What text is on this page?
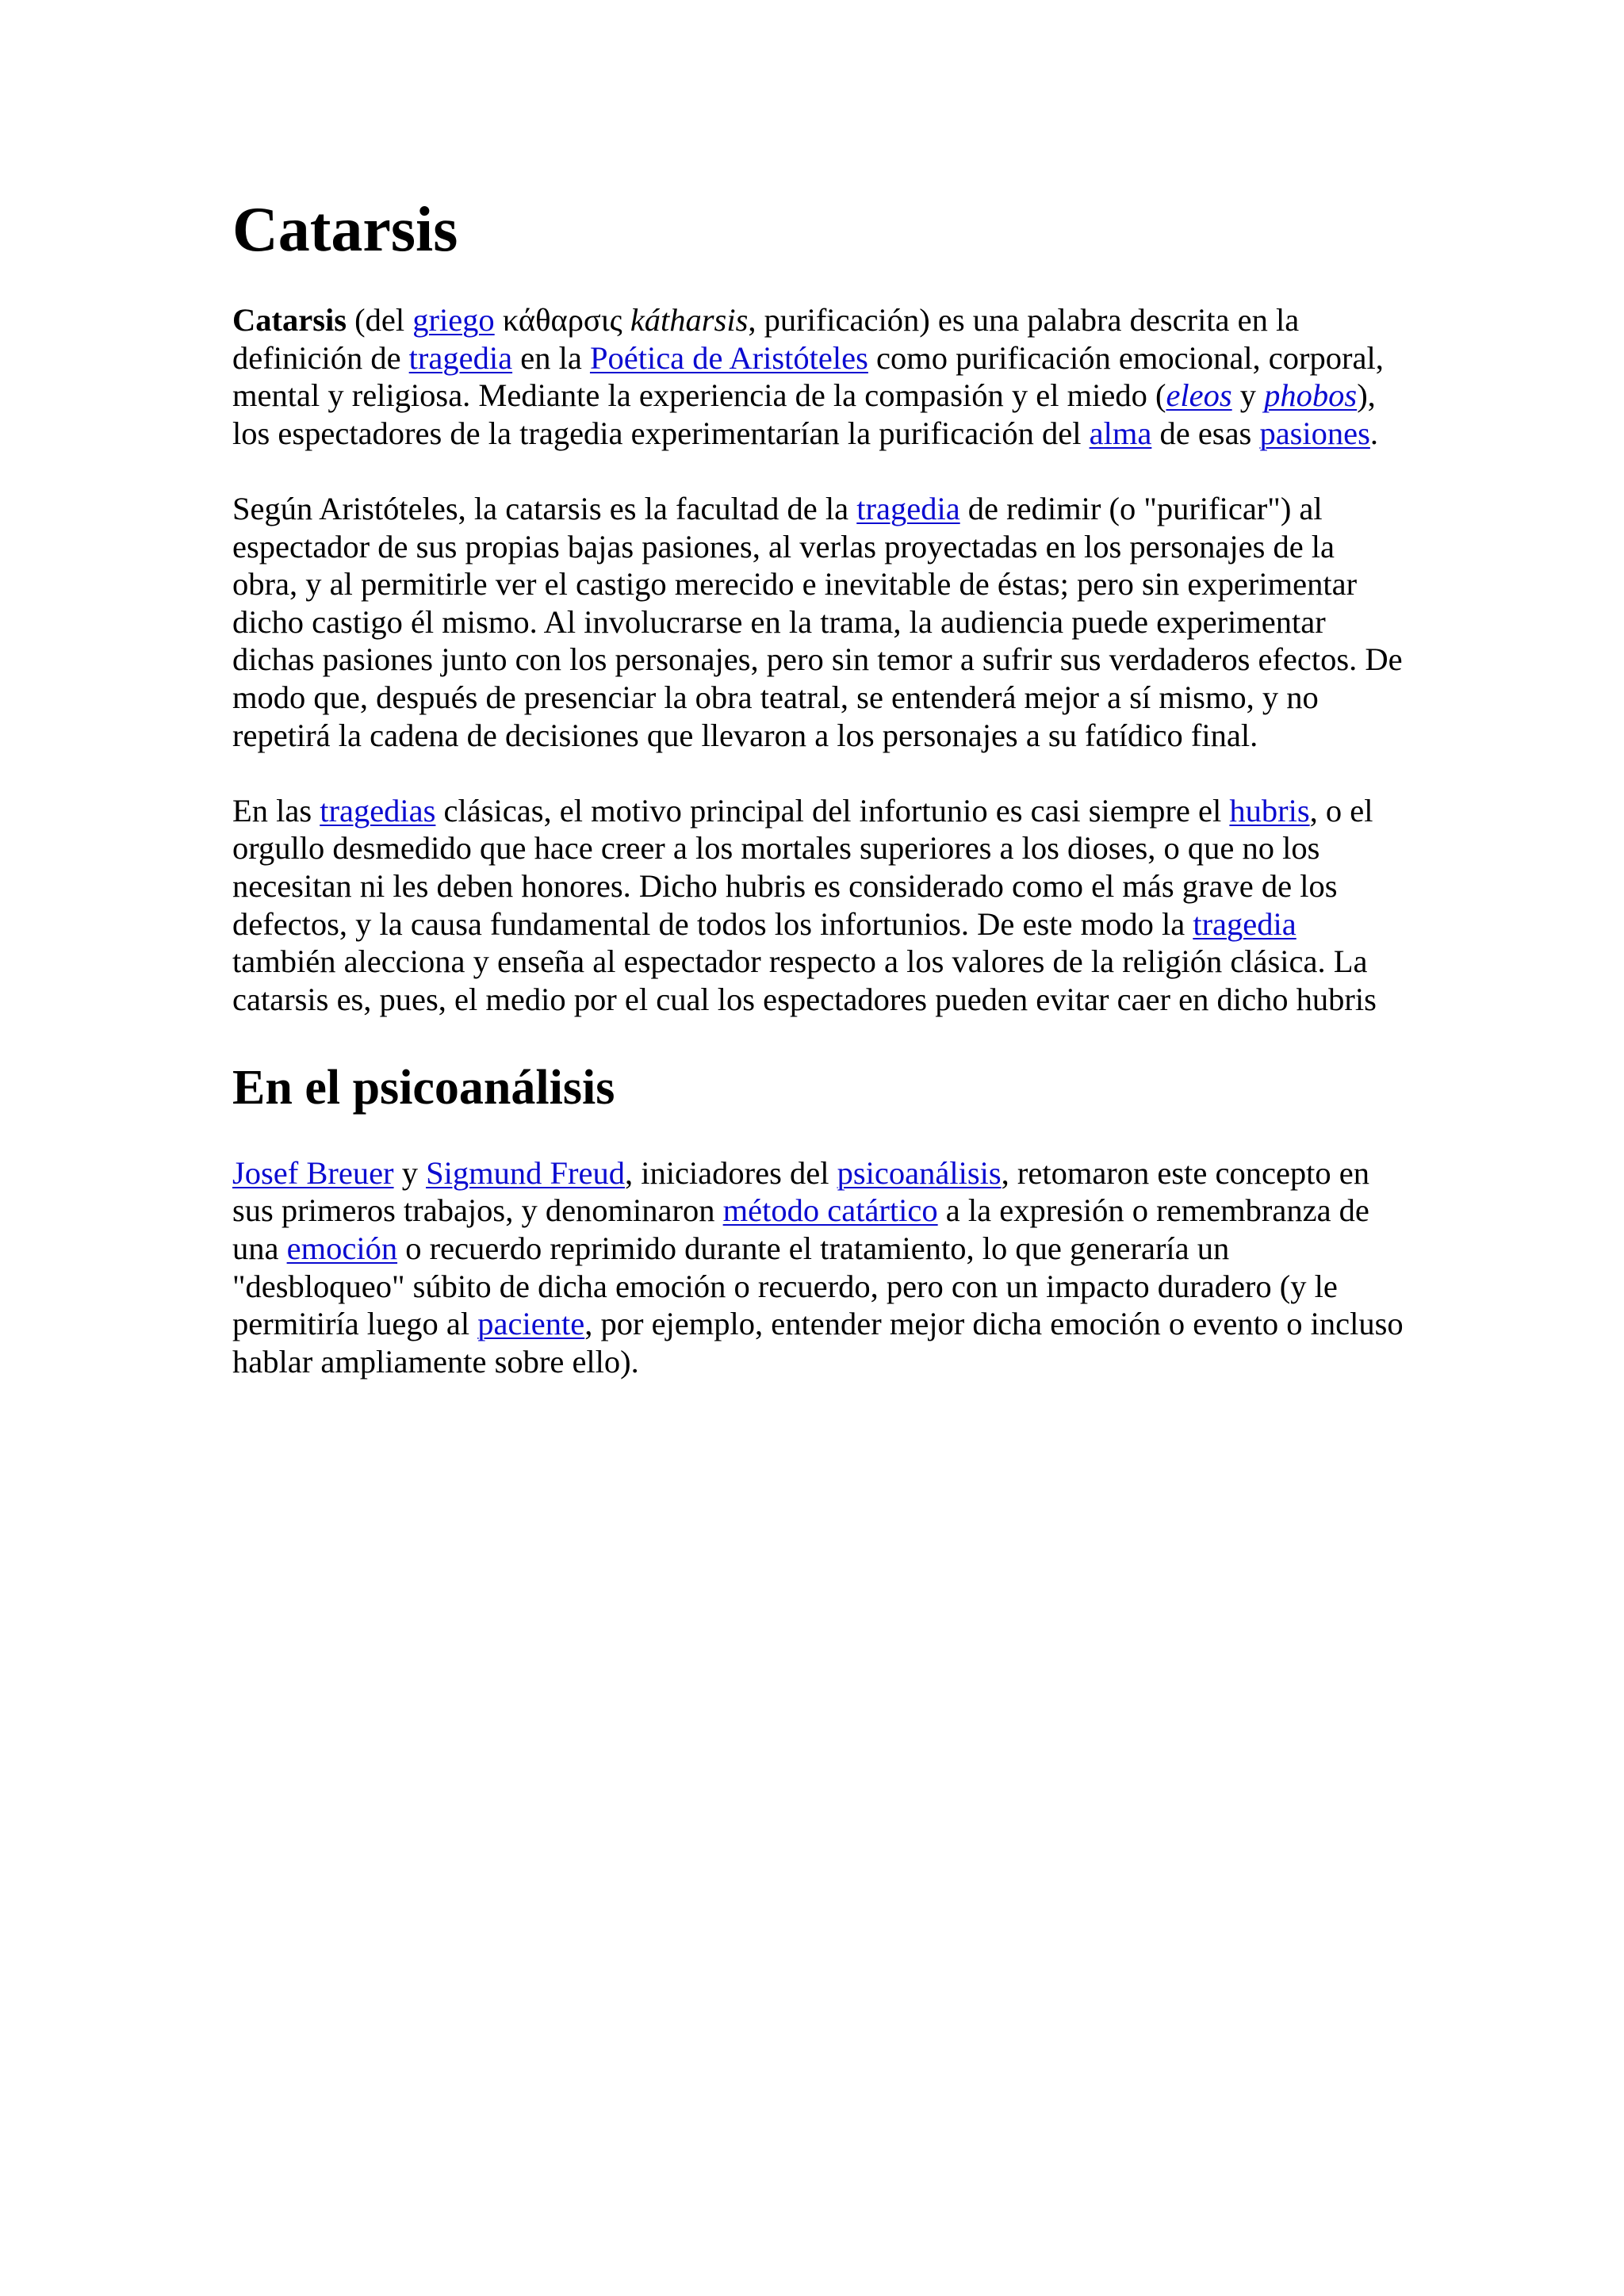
Catarsis

Catarsis (del griego κάθαρσις kátharsis, purificación) es una palabra descrita en la definición de tragedia en la Poética de Aristóteles como purificación emocional, corporal, mental y religiosa. Mediante la experiencia de la compasión y el miedo (eleos y phobos), los espectadores de la tragedia experimentarían la purificación del alma de esas pasiones.

Según Aristóteles, la catarsis es la facultad de la tragedia de redimir (o "purificar") al espectador de sus propias bajas pasiones, al verlas proyectadas en los personajes de la obra, y al permitirle ver el castigo merecido e inevitable de éstas; pero sin experimentar dicho castigo él mismo. Al involucrarse en la trama, la audiencia puede experimentar dichas pasiones junto con los personajes, pero sin temor a sufrir sus verdaderos efectos. De modo que, después de presenciar la obra teatral, se entenderá mejor a sí mismo, y no repetirá la cadena de decisiones que llevaron a los personajes a su fatídico final.

En las tragedias clásicas, el motivo principal del infortunio es casi siempre el hubris, o el orgullo desmedido que hace creer a los mortales superiores a los dioses, o que no los necesitan ni les deben honores. Dicho hubris es considerado como el más grave de los defectos, y la causa fundamental de todos los infortunios. De este modo la tragedia también alecciona y enseña al espectador respecto a los valores de la religión clásica. La catarsis es, pues, el medio por el cual los espectadores pueden evitar caer en dicho hubris

En el psicoanálisis

Josef Breuer y Sigmund Freud, iniciadores del psicoanálisis, retomaron este concepto en sus primeros trabajos, y denominaron método catártico a la expresión o remembranza de una emoción o recuerdo reprimido durante el tratamiento, lo que generaría un "desbloqueo" súbito de dicha emoción o recuerdo, pero con un impacto duradero (y le permitiría luego al paciente, por ejemplo, entender mejor dicha emoción o evento o incluso hablar ampliamente sobre ello).
